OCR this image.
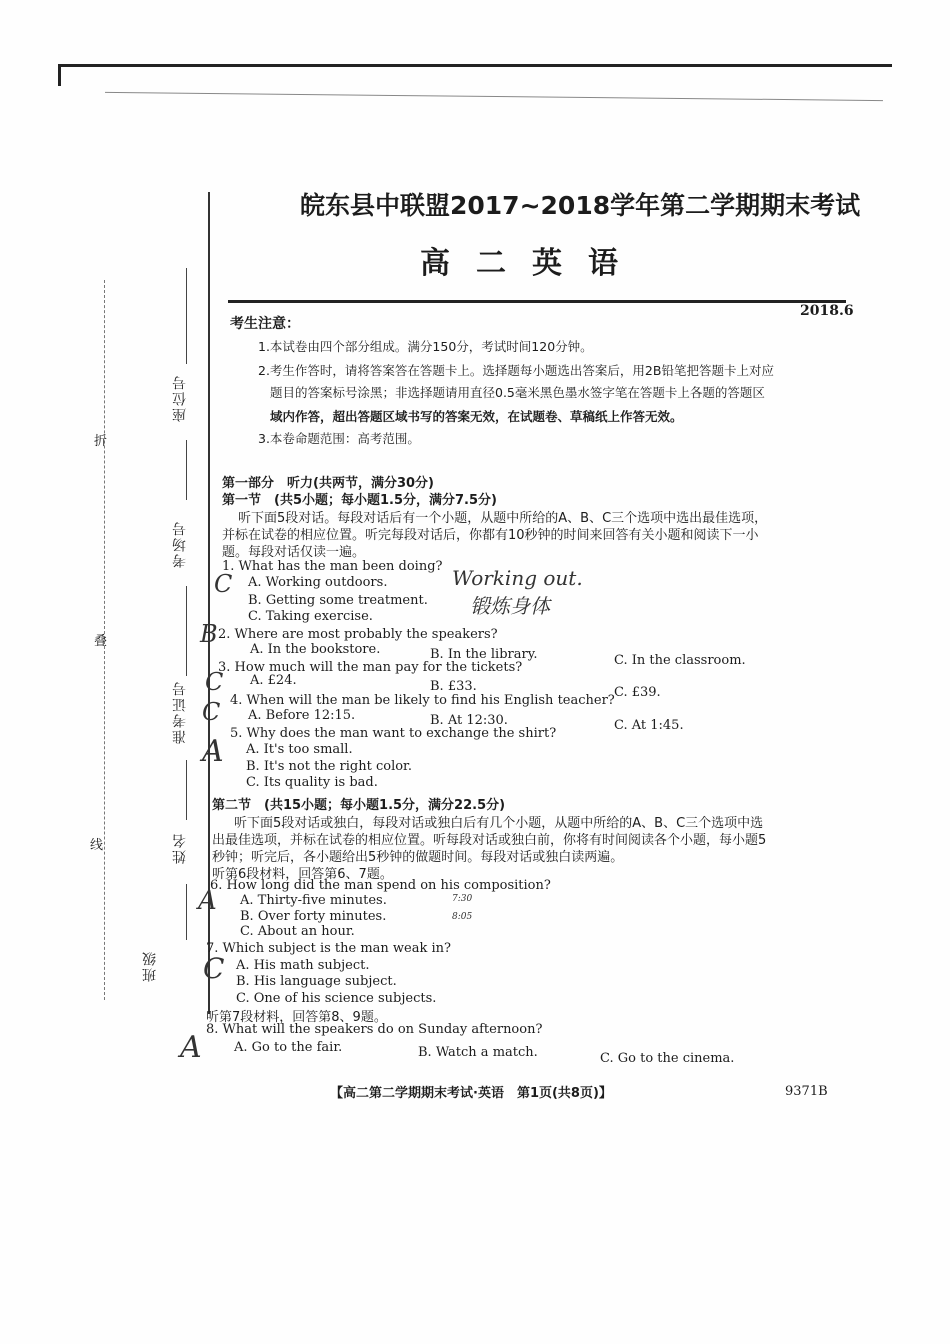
座位号
考场号
准考证号
姓名
班级
折
叠
线
皖东县中联盟2017~2018学年第二学期期末考试
高二英语
2018.6
考生注意：
1.本试卷由四个部分组成。满分150分，考试时间120分钟。
2.考生作答时，请将答案答在答题卡上。选择题每小题选出答案后，用2B铅笔把答题卡上对应
题目的答案标号涂黑；非选择题请用直径0.5毫米黑色墨水签字笔在答题卡上各题的答题区
域内作答，超出答题区域书写的答案无效，在试题卷、草稿纸上作答无效。
3.本卷命题范围：高考范围。
第一部分　听力(共两节，满分30分)
第一节　(共5小题；每小题1.5分，满分7.5分)
听下面5段对话。每段对话后有一个小题，从题中所给的A、B、C三个选项中选出最佳选项，
并标在试卷的相应位置。听完每段对话后，你都有10秒钟的时间来回答有关小题和阅读下一小
题。每段对话仅读一遍。
1. What has the man been doing?
A. Working outdoors.
B. Getting some treatment.
C. Taking exercise.
C	Working out.
锻炼身体
B 2. Where are most probably the speakers?
A. In the bookstore.	B. In the library.	C. In the classroom.
3. How much will the man pay for the tickets?
C A. £24.	B. £33.	C. £39.
4. When will the man be likely to find his English teacher?
C A. Before 12:15.	B. At 12:30.	C. At 1:45.
5. Why does the man want to exchange the shirt?
A A. It's too small.
B. It's not the right color.
C. Its quality is bad.
第二节　(共15小题；每小题1.5分，满分22.5分)
听下面5段对话或独白，每段对话或独白后有几个小题，从题中所给的A、B、C三个选项中选
出最佳选项，并标在试卷的相应位置。听每段对话或独白前，你将有时间阅读各个小题，每小题5
秒钟；听完后，各小题给出5秒钟的做题时间。每段对话或独白读两遍。
听第6段材料，回答第6、7题。
6. How long did the man spend on his composition?
A A. Thirty-five minutes.
B. Over forty minutes.
C. About an hour.
7:30
8:05
7. Which subject is the man weak in?
C A. His math subject.
B. His language subject.
C. One of his science subjects.
听第7段材料，回答第8、9题。
8. What will the speakers do on Sunday afternoon?
A A. Go to the fair.	B. Watch a match.	C. Go to the cinema.
【高二第二学期期末考试·英语　第1页(共8页)】	9371B
